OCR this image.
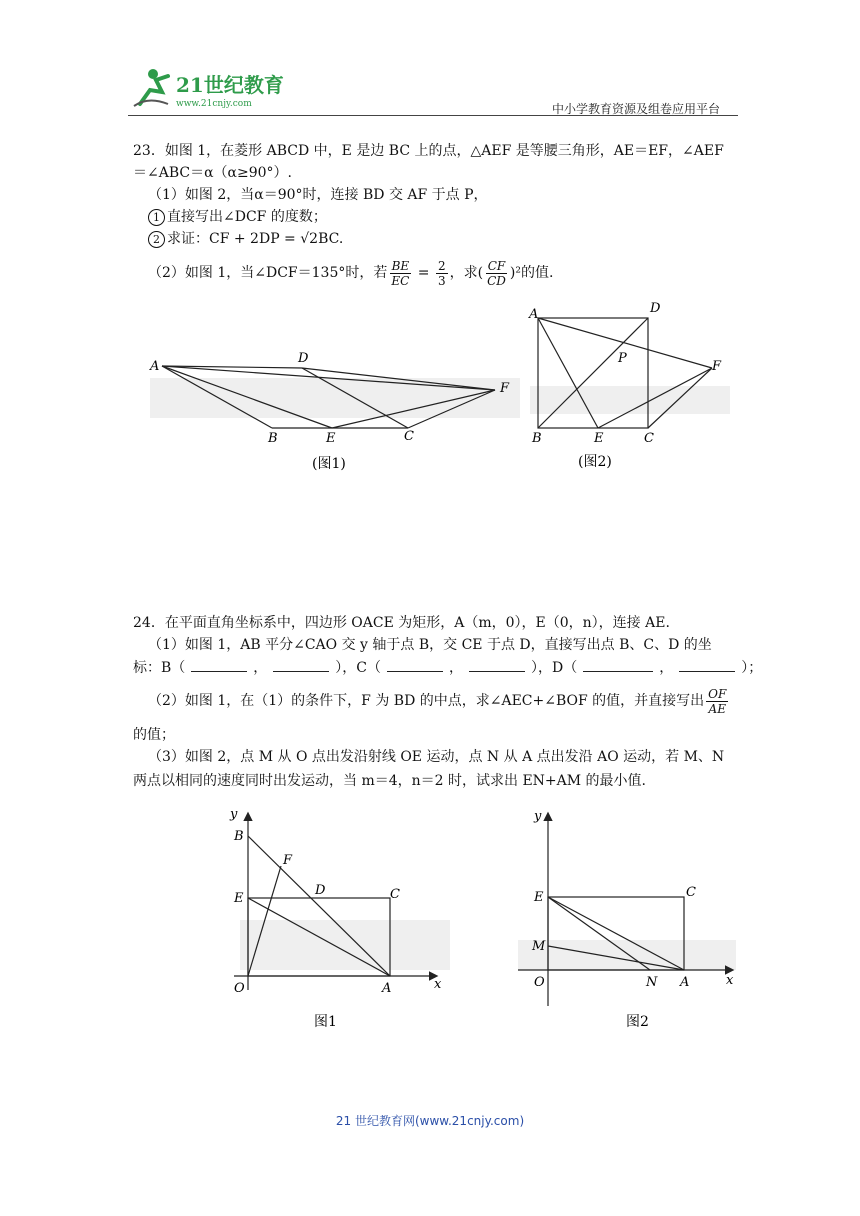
21世纪教育
www.21cnjy.com	中小学教育资源及组卷应用平台
23．如图 1，在菱形 ABCD 中，E 是边 BC 上的点，△AEF 是等腰三角形，AE＝EF，∠AEF
＝∠ABC＝α（α≥90°）.
（1）如图 2，当α＝90°时，连接 BD 交 AF 于点 P，
1 直接写出∠DCF 的度数；
2 求证：CF + 2DP = √2BC.
（2）如图 1，当∠DCF＝135°时，若 $\frac{BE}{EC} = \frac{2}{3}$ ，求( $\frac{CF}{CD} )^2$的值.
A
D
F
B	E	C
(图1)
A	D
P
F
B	E	C
(图2)
24．在平面直角坐标系中，四边形 OACE 为矩形，A（m，0），E（0，n），连接 AE.
（1）如图 1，AB 平分∠CAO 交 y 轴于点 B，交 CE 于点 D，直接写出点 B、C、D 的坐
标：B（	，	），C（	，	），D（	，	）；
（2）如图 1，在（1）的条件下，F 为 BD 的中点，求∠AEC+∠BOF 的值，并直接写出 $\frac{OF}{AE}$
的值；
（3）如图 2，点 M 从 O 点出发沿射线 OE 运动，点 N 从 A 点出发沿 AO 运动，若 M、N
两点以相同的速度同时出发运动，当 m＝4，n＝2 时，试求出 EN+AM 的最小值.
y
x
B
F
D	C
E
O	A
图1
y
x
E	C
M
O	N A
图2
21 世纪教育网(www.21cnjy.com)
